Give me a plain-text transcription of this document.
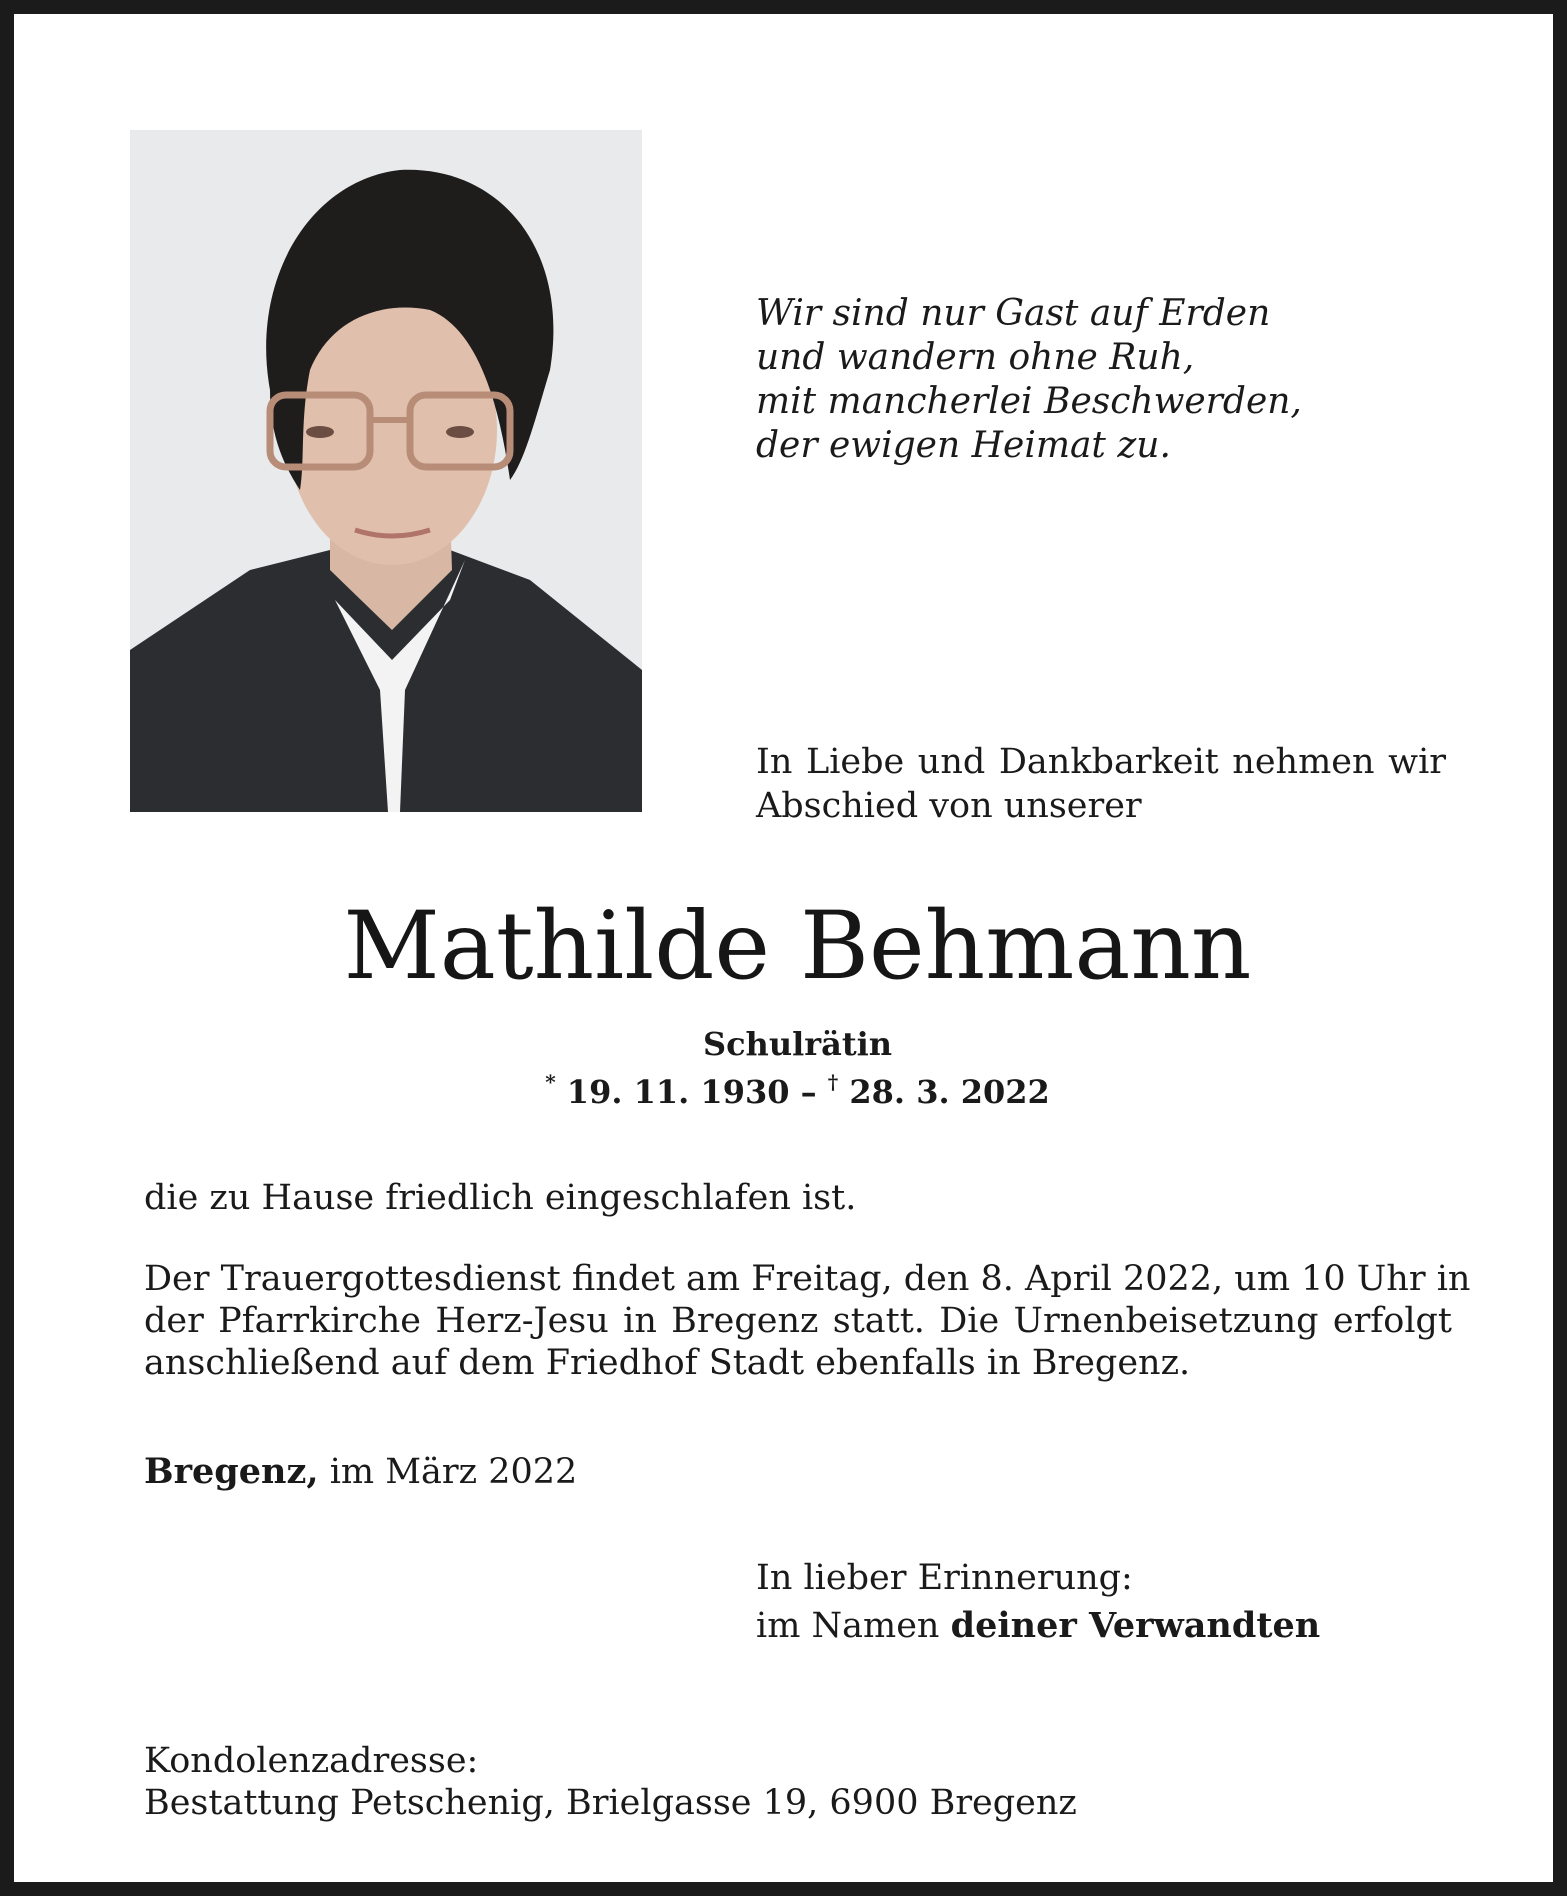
Wir sind nur Gast auf Erden
und wandern ohne Ruh,
mit mancherlei Beschwerden,
der ewigen Heimat zu.
In Liebe und Dankbarkeit nehmen wir
Abschied von unserer
Mathilde Behmann
Schulrätin
* 19. 11. 1930 – † 28. 3. 2022
die zu Hause friedlich eingeschlafen ist.
Der Trauergottesdienst findet am Freitag, den 8. April 2022, um 10 Uhr in
der Pfarrkirche Herz-Jesu in Bregenz statt. Die Urnenbeisetzung erfolgt
anschließend auf dem Friedhof Stadt ebenfalls in Bregenz.
Bregenz, im März 2022
In lieber Erinnerung:
im Namen deiner Verwandten
Kondolenzadresse:
Bestattung Petschenig, Brielgasse 19, 6900 Bregenz
